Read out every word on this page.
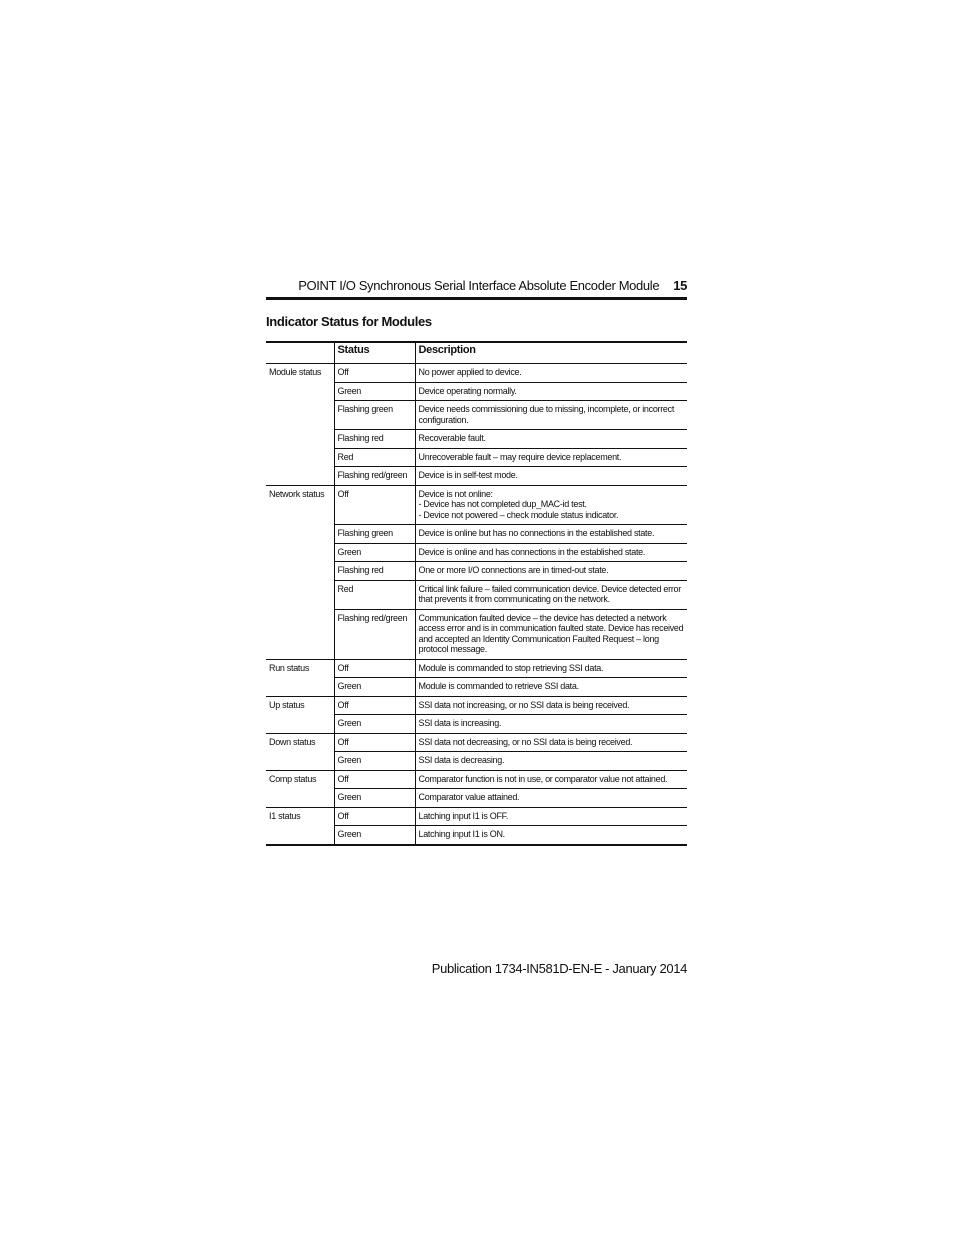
POINT I/O Synchronous Serial Interface Absolute Encoder Module 15
Indicator Status for Modules
	Status	Description
Module status	Off	No power applied to device.
	Green	Device operating normally.
	Flashing green	Device needs commissioning due to missing, incomplete, or incorrect configuration.
	Flashing red	Recoverable fault.
	Red	Unrecoverable fault – may require device replacement.
	Flashing red/green	Device is in self-test mode.
Network status	Off	Device is not online:
- Device has not completed dup_MAC-id test.
- Device not powered – check module status indicator.
	Flashing green	Device is online but has no connections in the established state.
	Green	Device is online and has connections in the established state.
	Flashing red	One or more I/O connections are in timed-out state.
	Red	Critical link failure – failed communication device. Device detected error that prevents it from communicating on the network.
	Flashing red/green	Communication faulted device – the device has detected a network access error and is in communication faulted state. Device has received and accepted an Identity Communication Faulted Request – long protocol message.
Run status	Off	Module is commanded to stop retrieving SSI data.
	Green	Module is commanded to retrieve SSI data.
Up status	Off	SSI data not increasing, or no SSI data is being received.
	Green	SSI data is increasing.
Down status	Off	SSI data not decreasing, or no SSI data is being received.
	Green	SSI data is decreasing.
Comp status	Off	Comparator function is not in use, or comparator value not attained.
	Green	Comparator value attained.
I1 status	Off	Latching input I1 is OFF.
	Green	Latching input I1 is ON.
Publication 1734-IN581D-EN-E - January 2014
